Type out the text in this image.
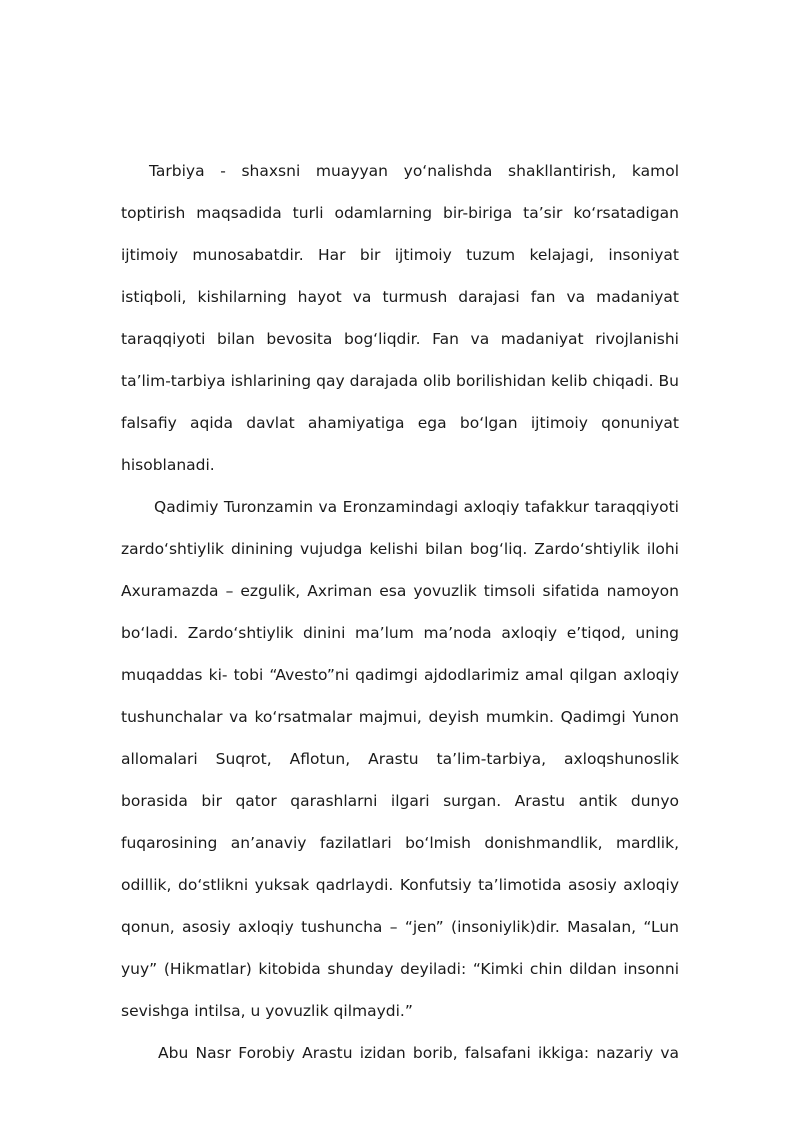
Tarbiya - shaxsni muayyan yo‘nalishda shakllantirish, kamol toptirish maqsadida turli odamlarning bir-biriga ta’sir ko‘rsatadigan ijtimoiy munosabatdir. Har bir ijtimoiy tuzum kelajagi, insoniyat istiqboli, kishilarning hayot va turmush darajasi fan va madaniyat taraqqiyoti bilan bevosita bog‘liqdir. Fan va madaniyat rivojlanishi ta’lim-tarbiya ishlarining qay darajada olib borilishidan kelib chiqadi. Bu falsafiy aqida davlat ahamiyatiga ega bo‘lgan ijtimoiy qonuniyat hisoblanadi.

Qadimiy Turonzamin va Eronzamindagi axloqiy tafakkur taraqqiyoti zardo‘shtiylik dinining vujudga kelishi bilan bog‘liq. Zardo‘shtiylik ilohi Axuramazda – ezgulik, Axriman esa yovuzlik timsoli sifatida namoyon bo‘ladi. Zardo‘shtiylik dinini ma’lum ma’noda axloqiy e’tiqod, uning muqaddas ki- tobi “Avesto”ni qadimgi ajdodlarimiz amal qilgan axloqiy tushunchalar va ko‘rsatmalar majmui, deyish mumkin. Qadimgi Yunon allomalari Suqrot, Aflotun, Arastu ta’lim-tarbiya, axloqshunoslik borasida bir qator qarashlarni ilgari surgan. Arastu antik dunyo fuqarosining an’anaviy fazilatlari bo‘lmish donishmandlik, mardlik, odillik, do‘stlikni yuksak qadrlaydi. Konfutsiy ta’limotida asosiy axloqiy qonun, asosiy axloqiy tushuncha – “jen” (insoniylik)dir. Masalan, “Lun yuy” (Hikmatlar) kitobida shunday deyiladi: “Kimki chin dildan insonni sevishga intilsa, u yovuzlik qilmaydi.”

Abu Nasr Forobiy Arastu izidan borib, falsafani ikkiga: nazariy va
